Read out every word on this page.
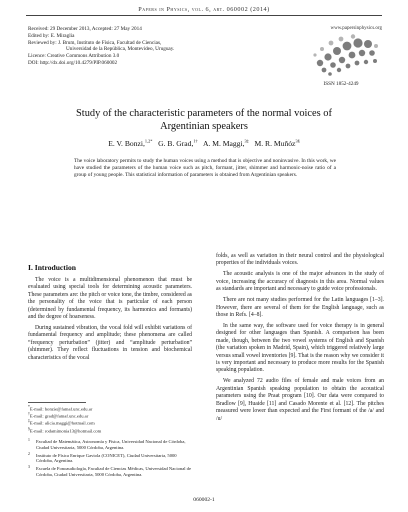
Papers in Physics, vol. 6, art. 060002 (2014)
Received: 29 December 2013, Accepted: 27 May 2014
Edited by: E. Miraglia
Reviewed by: J. Brum, Instituto de Física, Facultad de Ciencias,
Universidad de la República, Montevideo, Uruguay.
Licence: Creative Commons Attribution 3.0
DOI: http://dx.doi.org/10.4279/PIP.060002
www.papersinphysics.org
ISSN 1852-4249
Study of the characteristic parameters of the normal voices of
Argentinian speakers
E. V. Bonzi,$^{1,2*}$ G. B. Grad,$^{1\dagger}$ A. M. Maggi,$^{3\ddagger}$ M. R. Muñóz$^{3\S}$
The voice laboratory permits to study the human voices using a method that is objective and noninvasive. In this work, we have studied the parameters of the human voice such as pitch, formant, jitter, shimmer and harmonic-noise ratio of a group of young people. This statistical information of parameters is obtained from Argentinian speakers.
I. Introduction

The voice is a multidimensional phenomenon that must be evaluated using special tools for determining acoustic parameters. These parameters are: the pitch or voice tone, the timbre, considered as the personality of the voice that is particular of each person (determined by fundamental frequency, its harmonics and formants) and the degree of hoarseness.

During sustained vibration, the vocal fold will exhibit variations of fundamental frequency and amplitude; these phenomena are called “frequency perturbation” (jitter) and “amplitude perturbation” (shimmer). They reflect fluctuations in tension and biochemical characteristics of the vocal

*E-mail: bonzie@famaf.unc.edu.ar
†E-mail: grad@famaf.unc.edu.ar
‡E-mail: alicia.maggi@hotmail.com
§E-mail: rodamimonia13@hotmail.com
1 Facultad de Matemática, Astronomía y Física, Universidad Nacional de Córdoba, Ciudad Universitaria, 5000 Córdoba, Argentina.
2 Instituto de Física Enrique Gaviola (CONICET), Ciudad Universitaria, 5000 Córdoba, Argentina.
3 Escuela de Fonoaudiología, Facultad de Ciencias Médicas, Universidad Nacional de Córdoba, Ciudad Universitaria, 5000 Córdoba, Argentina.

folds, as well as variation in their neural control and the physiological properties of the individuals voices.

The acoustic analysis is one of the major advances in the study of voice, increasing the accuracy of diagnosis in this area. Normal values as standards are important and necessary to guide voice professionals.

There are not many studies performed for the Latin languages [1–3]. However, there are several of them for the English language, such as those in Refs. [4–8].

In the same way, the software used for voice therapy is in general designed for other languages than Spanish. A comparison has been made, though, between the two vowel systems of English and Spanish (the variation spoken in Madrid, Spain), which triggered relatively large versus small vowel inventories [9]. That is the reason why we consider it is very important and necessary to produce more results for the Spanish speaking population.

We analyzed 72 audio files of female and male voices from an Argentinian Spanish speaking population to obtain the acoustical parameters using the Praat program [10]. Our data were compared to Bradlow [9], Huaide [11] and Casado Morente et al. [12]. The pitches measured were lower than expected and the First formant of the /a/ and /u/

060002-1
